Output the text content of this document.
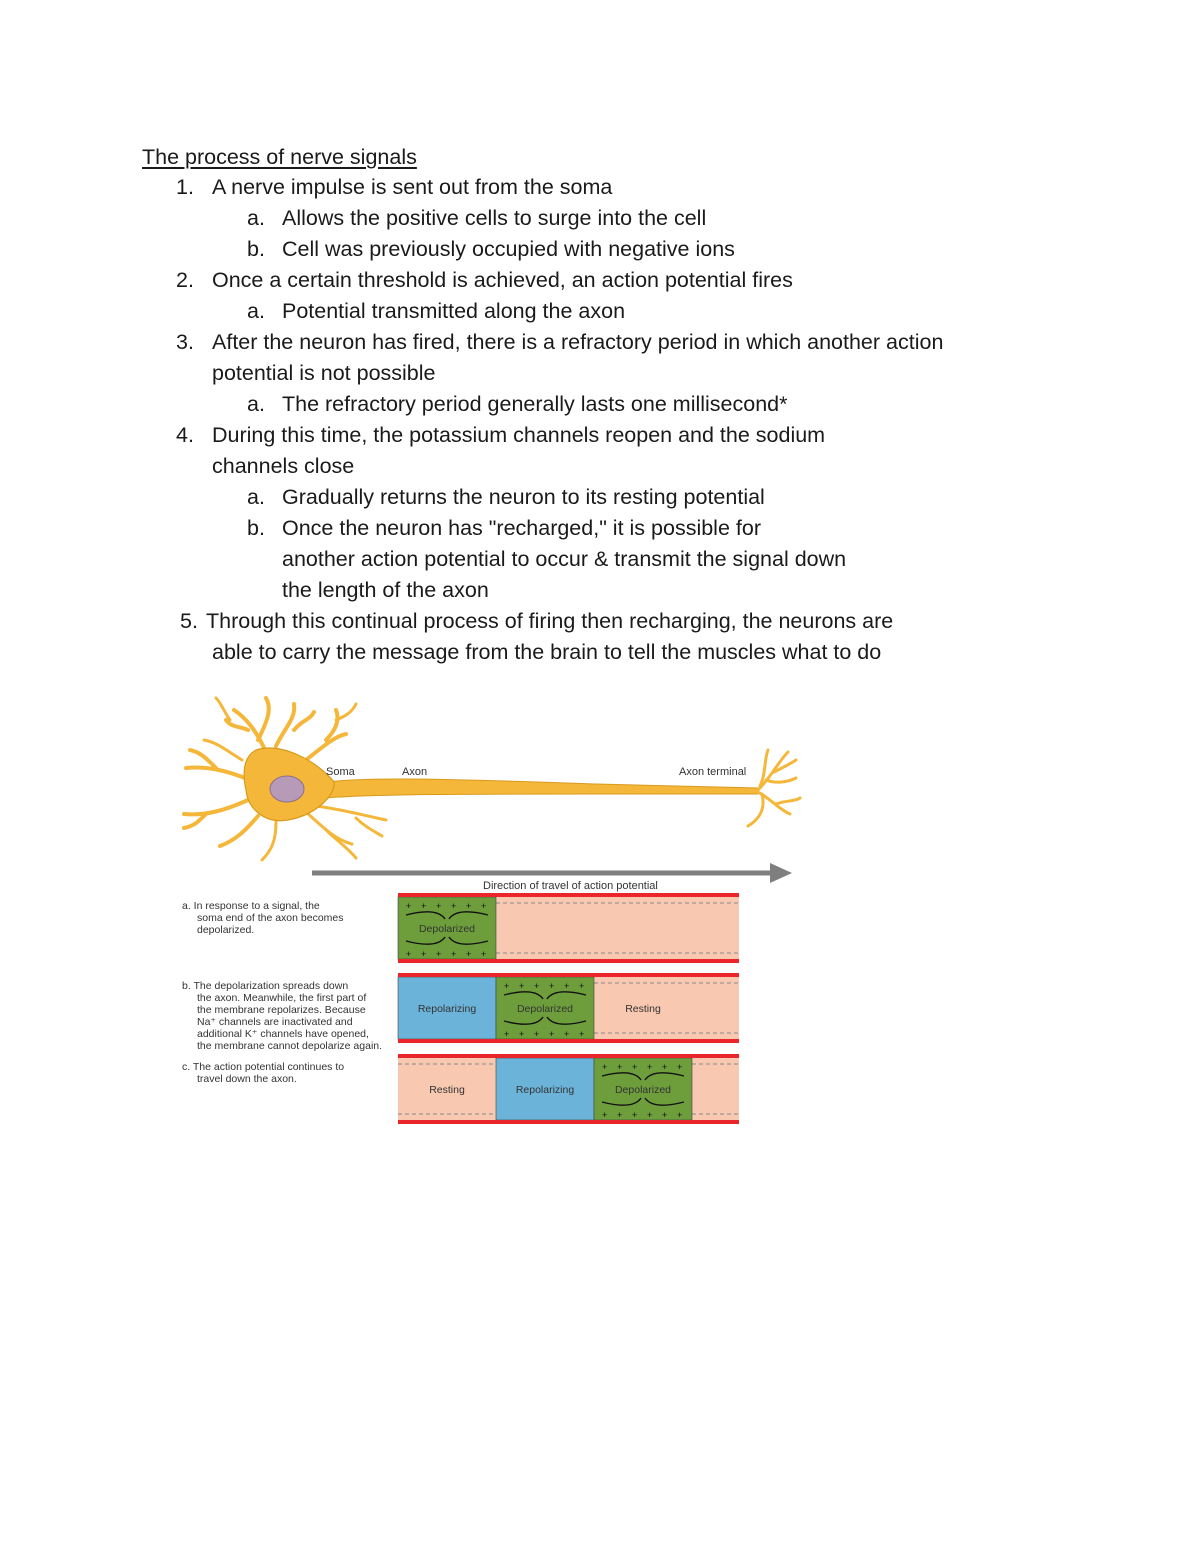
The process of nerve signals
1. A nerve impulse is sent out from the soma
a. Allows the positive cells to surge into the cell
b. Cell was previously occupied with negative ions
2. Once a certain threshold is achieved, an action potential fires
a. Potential transmitted along the axon
3. After the neuron has fired, there is a refractory period in which another action
potential is not possible
a. The refractory period generally lasts one millisecond*
4. During this time, the potassium channels reopen and the sodium
channels close
a. Gradually returns the neuron to its resting potential
b. Once the neuron has "recharged," it is possible for
another action potential to occur & transmit the signal down
the length of the axon
5. Through this continual process of firing then recharging, the neurons are
able to carry the message from the brain to tell the muscles what to do
Soma	Axon	Axon terminal
Direction of travel of action potential
a. In response to a signal, the
soma end of the axon becomes
depolarized.
+
+
+
+
+
+
+
+
+
+
+
+
Depolarized
b. The depolarization spreads down
the axon. Meanwhile, the first part of
the membrane repolarizes. Because
Na⁺ channels are inactivated and
additional K⁺ channels have opened,
the membrane cannot depolarize again.
Repolarizing
+
+
+
+
+
+
+
+
+
+
+
+
Depolarized	Resting
c. The action potential continues to
travel down the axon.
Resting	Repolarizing
+
+
+
+
+
+
+
+
+
+
+
+
Depolarized
